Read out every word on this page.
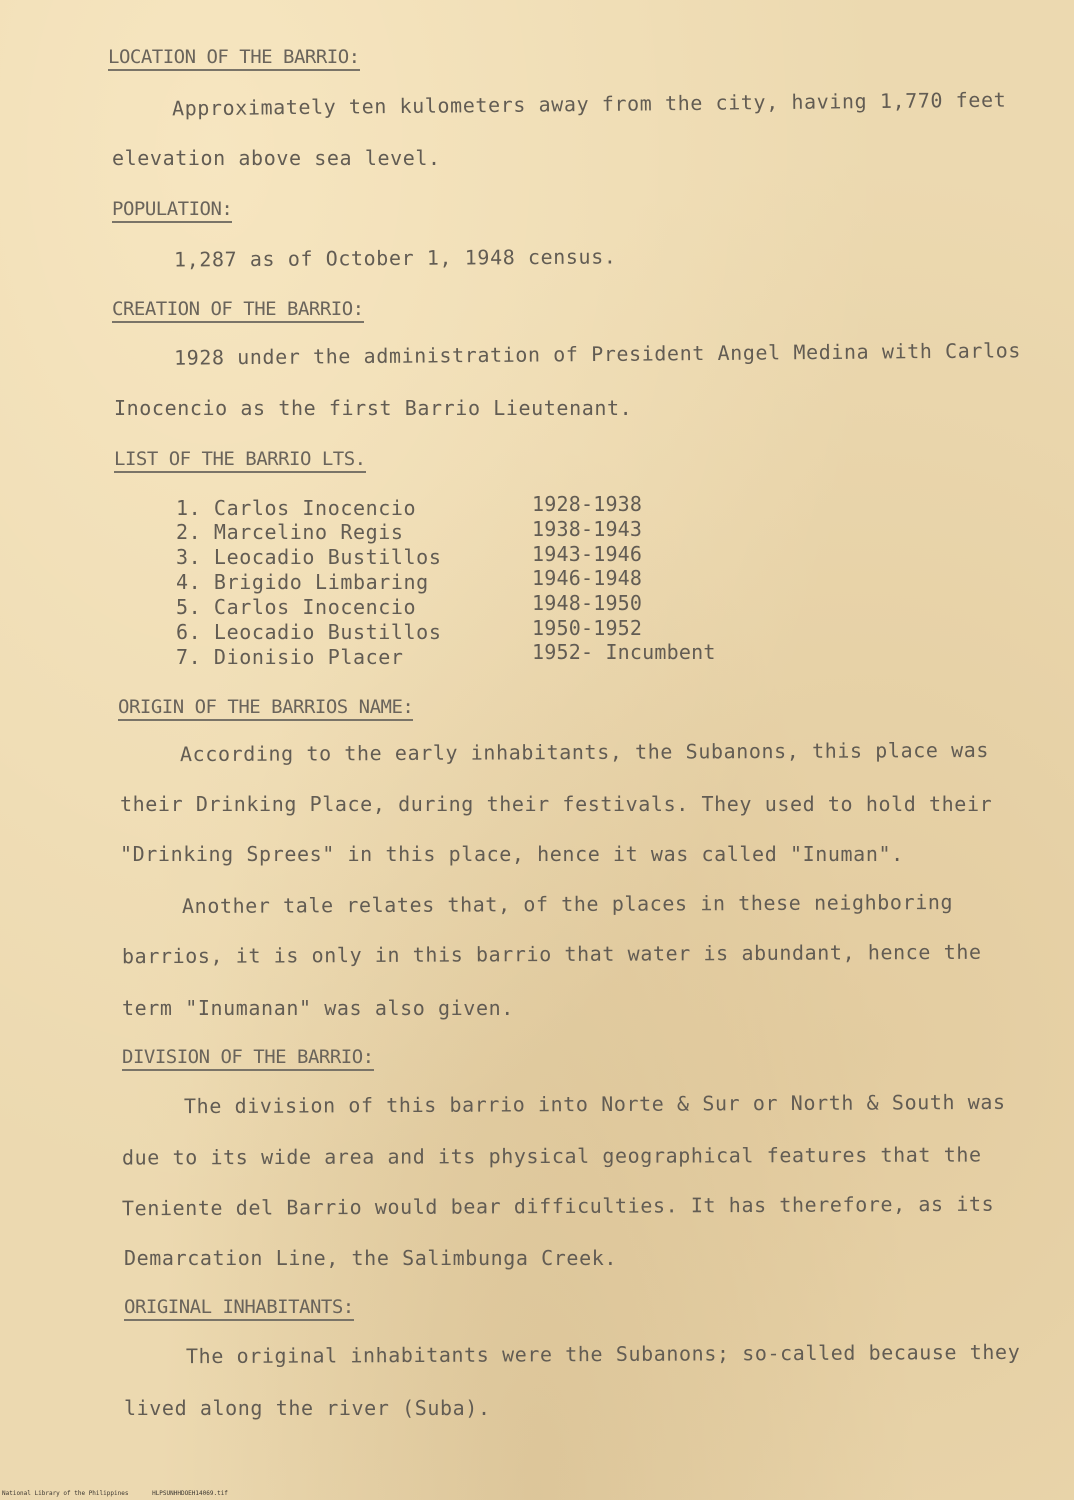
LOCATION OF THE BARRIO:
Approximately ten kulometers away from the city, having 1,770 feet
elevation above sea level.
POPULATION:
1,287 as of October 1, 1948 census.
CREATION OF THE BARRIO:
1928 under the administration of President Angel Medina with Carlos
Inocencio as the first Barrio Lieutenant.
LIST OF THE BARRIO LTS.
1. Carlos Inocencio	1928-1938
2. Marcelino Regis	1938-1943
3. Leocadio Bustillos	1943-1946
4. Brigido Limbaring	1946-1948
5. Carlos Inocencio	1948-1950
6. Leocadio Bustillos	1950-1952
7. Dionisio Placer	1952- Incumbent
ORIGIN OF THE BARRIOS NAME:
According to the early inhabitants, the Subanons, this place was
their Drinking Place, during their festivals. They used to hold their
"Drinking Sprees" in this place, hence it was called "Inuman".
Another tale relates that, of the places in these neighboring
barrios, it is only in this barrio that water is abundant, hence the
term "Inumanan" was also given.
DIVISION OF THE BARRIO:
The division of this barrio into Norte & Sur or North & South was
due to its wide area and its physical geographical features that the
Teniente del Barrio would bear difficulties. It has therefore, as its
Demarcation Line, the Salimbunga Creek.
ORIGINAL INHABITANTS:
The original inhabitants were the Subanons; so-called because they
lived along the river (Suba).
National Library of the Philippines	HLPSUNHHDOEH14069.tif
